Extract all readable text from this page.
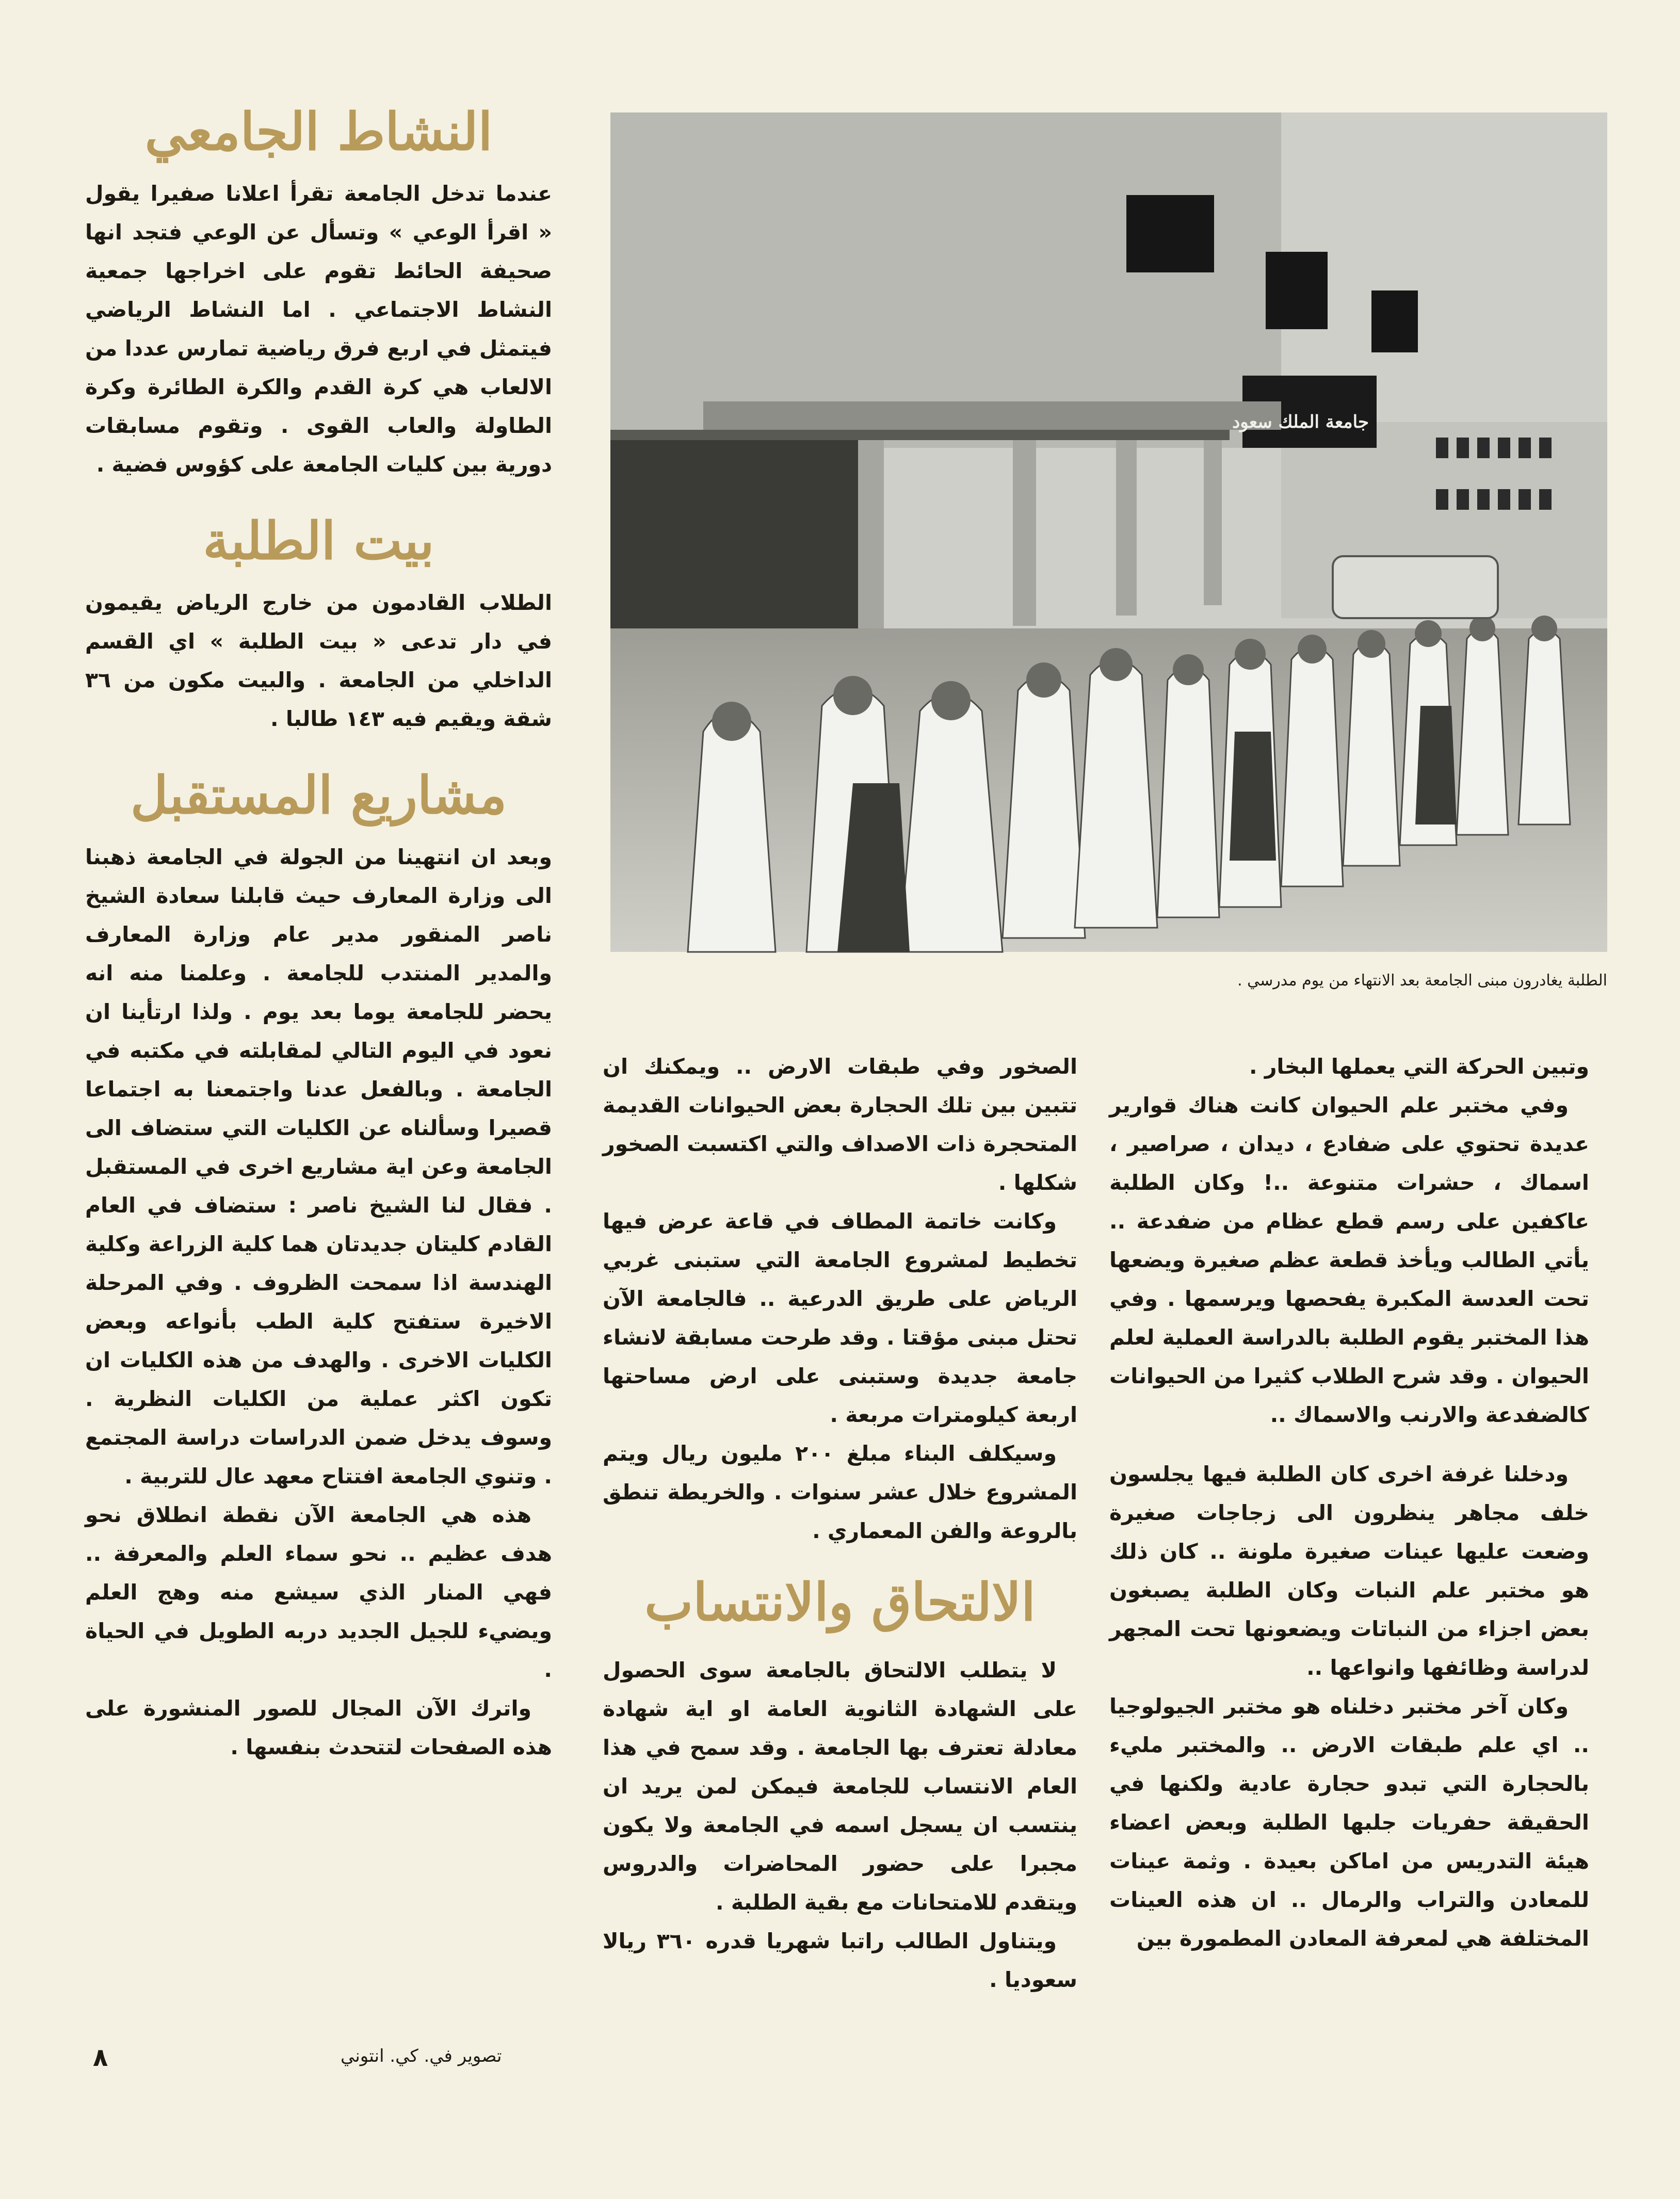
النشاط الجامعي
عندما تدخل الجامعة تقرأ اعلانا صفيرا يقول « اقرأ الوعي » وتسأل عن الوعي فتجد انها صحيفة الحائط تقوم على اخراجها جمعية النشاط الاجتماعي . اما النشاط الرياضي فيتمثل في اربع فرق رياضية تمارس عددا من الالعاب هي كرة القدم والكرة الطائرة وكرة الطاولة والعاب القوى . وتقوم مسابقات دورية بين كليات الجامعة على كؤوس فضية .
بيت الطلبة
الطلاب القادمون من خارج الرياض يقيمون في دار تدعى « بيت الطلبة » اي القسم الداخلي من الجامعة . والبيت مكون من ٣٦ شقة ويقيم فيه ١٤٣ طالبا .
مشاريع المستقبل

وبعد ان انتهينا من الجولة في الجامعة ذهبنا الى وزارة المعارف حيث قابلنا سعادة الشيخ ناصر المنقور مدير عام وزارة المعارف والمدير المنتدب للجامعة . وعلمنا منه انه يحضر للجامعة يوما بعد يوم . ولذا ارتأينا ان نعود في اليوم التالي لمقابلته في مكتبه في الجامعة . وبالفعل عدنا واجتمعنا به اجتماعا قصيرا وسألناه عن الكليات التي ستضاف الى الجامعة وعن اية مشاريع اخرى في المستقبل . فقال لنا الشيخ ناصر : ستضاف في العام القادم كليتان جديدتان هما كلية الزراعة وكلية الهندسة اذا سمحت الظروف . وفي المرحلة الاخيرة ستفتح كلية الطب بأنواعه وبعض الكليات الاخرى . والهدف من هذه الكليات ان تكون اكثر عملية من الكليات النظرية . وسوف يدخل ضمن الدراسات دراسة المجتمع . وتنوي الجامعة افتتاح معهد عال للتربية .

هذه هي الجامعة الآن نقطة انطلاق نحو هدف عظيم .. نحو سماء العلم والمعرفة .. فهي المنار الذي سيشع منه وهج العلم ويضيء للجيل الجديد دربه الطويل في الحياة .

واترك الآن المجال للصور المنشورة على هذه الصفحات لتتحدث بنفسها .

جامعة الملك سعود
الطلبة يغادرون مبنى الجامعة بعد الانتهاء من يوم مدرسي .

الصخور وفي طبقات الارض .. ويمكنك ان تتبين بين تلك الحجارة بعض الحيوانات القديمة المتحجرة ذات الاصداف والتي اكتسبت الصخور شكلها .

وكانت خاتمة المطاف في قاعة عرض فيها تخطيط لمشروع الجامعة التي ستبنى غربي الرياض على طريق الدرعية .. فالجامعة الآن تحتل مبنى مؤقتا . وقد طرحت مسابقة لانشاء جامعة جديدة وستبنى على ارض مساحتها اربعة كيلومترات مربعة .

وسيكلف البناء مبلغ ٢٠٠ مليون ريال ويتم المشروع خلال عشر سنوات . والخريطة تنطق بالروعة والفن المعماري .

الالتحاق والانتساب

لا يتطلب الالتحاق بالجامعة سوى الحصول على الشهادة الثانوية العامة او اية شهادة معادلة تعترف بها الجامعة . وقد سمح في هذا العام الانتساب للجامعة فيمكن لمن يريد ان ينتسب ان يسجل اسمه في الجامعة ولا يكون مجبرا على حضور المحاضرات والدروس ويتقدم للامتحانات مع بقية الطلبة .

ويتناول الطالب راتبا شهريا قدره ٣٦٠ ريالا سعوديا .

وتبين الحركة التي يعملها البخار .

وفي مختبر علم الحيوان كانت هناك قوارير عديدة تحتوي على ضفادع ، ديدان ، صراصير ، اسماك ، حشرات متنوعة ..! وكان الطلبة عاكفين على رسم قطع عظام من ضفدعة .. يأتي الطالب ويأخذ قطعة عظم صغيرة ويضعها تحت العدسة المكبرة يفحصها ويرسمها . وفي هذا المختبر يقوم الطلبة بالدراسة العملية لعلم الحيوان . وقد شرح الطلاب كثيرا من الحيوانات كالضفدعة والارنب والاسماك ..

ودخلنا غرفة اخرى كان الطلبة فيها يجلسون خلف مجاهر ينظرون الى زجاجات صغيرة وضعت عليها عينات صغيرة ملونة .. كان ذلك هو مختبر علم النبات وكان الطلبة يصبغون بعض اجزاء من النباتات ويضعونها تحت المجهر لدراسة وظائفها وانواعها ..

وكان آخر مختبر دخلناه هو مختبر الجيولوجيا .. اي علم طبقات الارض .. والمختبر مليء بالحجارة التي تبدو حجارة عادية ولكنها في الحقيقة حفريات جلبها الطلبة وبعض اعضاء هيئة التدريس من اماكن بعيدة . وثمة عينات للمعادن والتراب والرمال .. ان هذه العينات المختلفة هي لمعرفة المعادن المطمورة بين

٨	تصوير في. كي. انتوني
